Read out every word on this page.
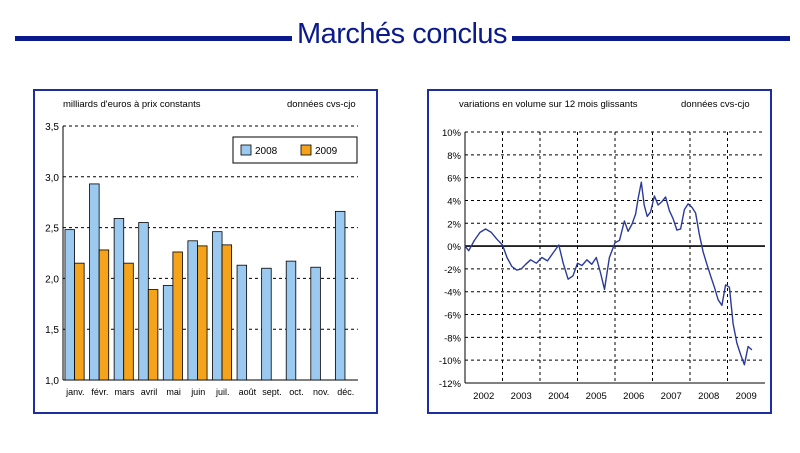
Marchés conclus
milliards d'euros à prix constants	données cvs-cjo
1,0
1,5
2,0
2,5
3,0
3,5
janv. févr. mars avril mai juin juil. août sept. oct. nov. déc.
2008	2009
variations en volume sur 12 mois glissants	données cvs-cjo
10%
8%
6%
4%
2%
0%
-2%
-4%
-6%
-8%
-10%
-12%
2002 2003 2004 2005 2006 2007 2008 2009
